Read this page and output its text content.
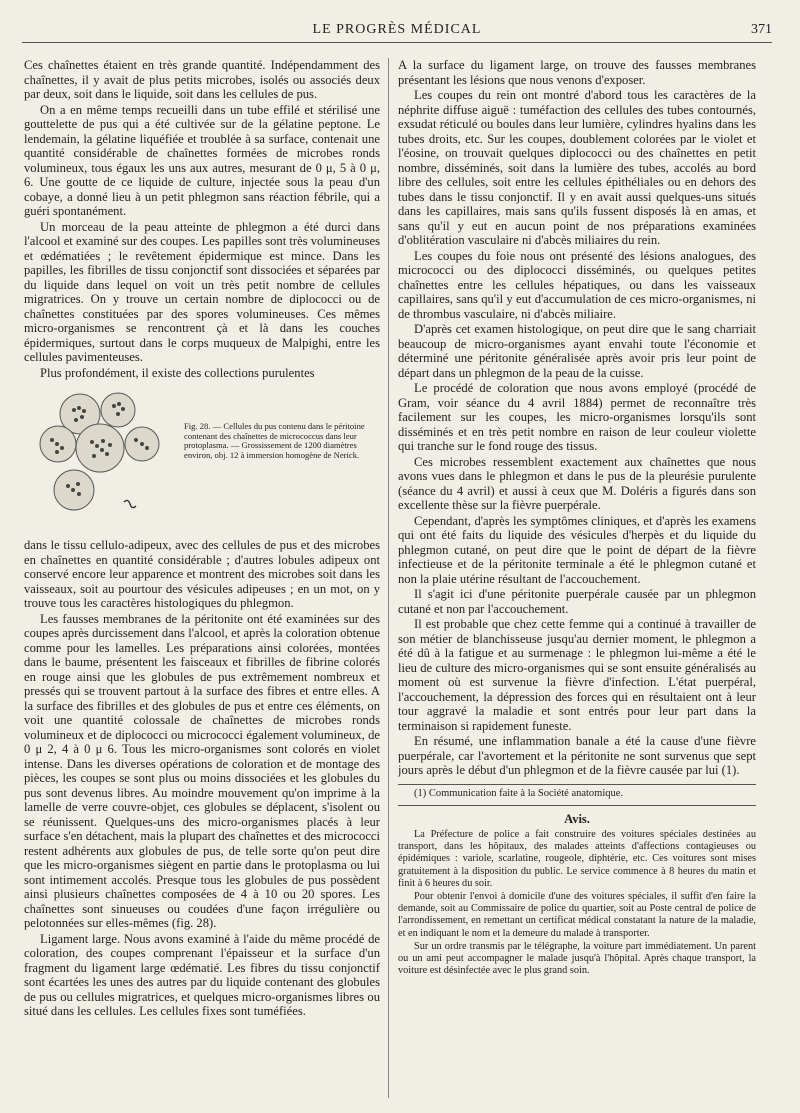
LE PROGRÈS MÉDICAL	371

Ces chaînettes étaient en très grande quantité. Indépendamment des chaînettes, il y avait de plus petits microbes, isolés ou associés deux par deux, soit dans le liquide, soit dans les cellules de pus.

On a en même temps recueilli dans un tube effilé et stérilisé une gouttelette de pus qui a été cultivée sur de la gélatine peptone. Le lendemain, la gélatine liquéfiée et troublée à sa surface, contenait une quantité considérable de chaînettes formées de microbes ronds volumineux, tous égaux les uns aux autres, mesurant de 0 μ, 5 à 0 μ, 6. Une goutte de ce liquide de culture, injectée sous la peau d'un cobaye, a donné lieu à un petit phlegmon sans réaction fébrile, qui a guéri spontanément.

Un morceau de la peau atteinte de phlegmon a été durci dans l'alcool et examiné sur des coupes. Les papilles sont très volumineuses et œdématiées ; le revêtement épidermique est mince. Dans les papilles, les fibrilles de tissu conjonctif sont dissociées et séparées par du liquide dans lequel on voit un très petit nombre de cellules migratrices. On y trouve un certain nombre de diplococci ou de chaînettes constituées par des spores volumineuses. Ces mêmes micro-organismes se rencontrent çà et là dans les couches épidermiques, surtout dans le corps muqueux de Malpighi, entre les cellules pavimenteuses.

Plus profondément, il existe des collections purulentes

Fig. 28. — Cellules du pus contenu dans le péritoine contenant des chaînettes de micrococcus dans leur protoplasma. — Grossissement de 1200 diamètres environ, obj. 12 à immersion homogène de Nerick.

dans le tissu cellulo-adipeux, avec des cellules de pus et des microbes en chaînettes en quantité considérable ; d'autres lobules adipeux ont conservé encore leur apparence et montrent des microbes soit dans les vaisseaux, soit au pourtour des vésicules adipeuses ; en un mot, on y trouve tous les caractères histologiques du phlegmon.

Les fausses membranes de la péritonite ont été examinées sur des coupes après durcissement dans l'alcool, et après la coloration obtenue comme pour les lamelles. Les préparations ainsi colorées, montées dans le baume, présentent les faisceaux et fibrilles de fibrine colorés en rouge ainsi que les globules de pus extrêmement nombreux et pressés qui se trouvent partout à la surface des fibres et entre elles. A la surface des fibrilles et des globules de pus et entre ces éléments, on voit une quantité colossale de chaînettes de microbes ronds volumineux et de diplococci ou micrococci également volumineux, de 0 μ 2, 4 à 0 μ 6. Tous les micro-organismes sont colorés en violet intense. Dans les diverses opérations de coloration et de montage des pièces, les coupes se sont plus ou moins dissociées et les globules du pus sont devenus libres. Au moindre mouvement qu'on imprime à la lamelle de verre couvre-objet, ces globules se déplacent, s'isolent ou se réunissent. Quelques-uns des micro-organismes placés à leur surface s'en détachent, mais la plupart des chaînettes et des micrococci restent adhérents aux globules de pus, de telle sorte qu'on peut dire que les micro-organismes siègent en partie dans le protoplasma ou lui sont intimement accolés. Presque tous les globules de pus possèdent ainsi plusieurs chaînettes composées de 4 à 10 ou 20 spores. Les chaînettes sont sinueuses ou coudées d'une façon irrégulière ou pelotonnées sur elles-mêmes (fig. 28).

Ligament large. Nous avons examiné à l'aide du même procédé de coloration, des coupes comprenant l'épaisseur et la surface d'un fragment du ligament large œdématié. Les fibres du tissu conjonctif sont écartées les unes des autres par du liquide contenant des globules de pus ou cellules migratrices, et quelques micro-organismes libres ou situé dans les cellules. Les cellules fixes sont tuméfiées.

A la surface du ligament large, on trouve des fausses membranes présentant les lésions que nous venons d'exposer.

Les coupes du rein ont montré d'abord tous les caractères de la néphrite diffuse aiguë : tuméfaction des cellules des tubes contournés, exsudat réticulé ou boules dans leur lumière, cylindres hyalins dans les tubes droits, etc. Sur les coupes, doublement colorées par le violet et l'éosine, on trouvait quelques diplococci ou des chaînettes en petit nombre, disséminés, soit dans la lumière des tubes, accolés au bord libre des cellules, soit entre les cellules épithéliales ou en dehors des tubes dans le tissu conjonctif. Il y en avait aussi quelques-uns situés dans les capillaires, mais sans qu'ils fussent disposés là en amas, et sans qu'il y eut en aucun point de nos préparations examinées d'oblitération vasculaire ni d'abcès miliaires du rein.

Les coupes du foie nous ont présenté des lésions analogues, des micrococci ou des diplococci disséminés, ou quelques petites chaînettes entre les cellules hépatiques, ou dans les vaisseaux capillaires, sans qu'il y eut d'accumulation de ces micro-organismes, ni de thrombus vasculaire, ni d'abcès miliaire.

D'après cet examen histologique, on peut dire que le sang charriait beaucoup de micro-organismes ayant envahi toute l'économie et déterminé une péritonite généralisée après avoir pris leur point de départ dans un phlegmon de la peau de la cuisse.

Le procédé de coloration que nous avons employé (procédé de Gram, voir séance du 4 avril 1884) permet de reconnaître très facilement sur les coupes, les micro-organismes lorsqu'ils sont disséminés et en très petit nombre en raison de leur couleur violette qui tranche sur le fond rouge des tissus.

Ces microbes ressemblent exactement aux chaînettes que nous avons vues dans le phlegmon et dans le pus de la pleurésie purulente (séance du 4 avril) et aussi à ceux que M. Doléris a figurés dans son excellente thèse sur la fièvre puerpérale.

Cependant, d'après les symptômes cliniques, et d'après les examens qui ont été faits du liquide des vésicules d'herpès et du liquide du phlegmon cutané, on peut dire que le point de départ de la fièvre infectieuse et de la péritonite terminale a été le phlegmon cutané et non la plaie utérine résultant de l'accouchement.

Il s'agit ici d'une péritonite puerpérale causée par un phlegmon cutané et non par l'accouchement.

Il est probable que chez cette femme qui a continué à travailler de son métier de blanchisseuse jusqu'au dernier moment, le phlegmon a été dû à la fatigue et au surmenage : le phlegmon lui-même a été le lieu de culture des micro-organismes qui se sont ensuite généralisés au moment où est survenue la fièvre d'infection. L'état puerpéral, l'accouchement, la dépression des forces qui en résultaient ont à leur tour aggravé la maladie et sont entrés pour leur part dans la terminaison si rapidement funeste.

En résumé, une inflammation banale a été la cause d'une fièvre puerpérale, car l'avortement et la péritonite ne sont survenus que sept jours après le début d'un phlegmon et de la fièvre causée par lui (1).

(1) Communication faite à la Société anatomique.

Avis.

La Préfecture de police a fait construire des voitures spéciales destinées au transport, dans les hôpitaux, des malades atteints d'affections contagieuses ou épidémiques : variole, scarlatine, rougeole, diphtérie, etc. Ces voitures sont mises gratuitement à la disposition du public. Le service commence à 8 heures du matin et finit à 6 heures du soir.

Pour obtenir l'envoi à domicile d'une des voitures spéciales, il suffit d'en faire la demande, soit au Commissaire de police du quartier, soit au Poste central de police de l'arrondissement, en remettant un certificat médical constatant la nature de la maladie, et en indiquant le nom et la demeure du malade à transporter.

Sur un ordre transmis par le télégraphe, la voiture part immédiatement. Un parent ou un ami peut accompagner le malade jusqu'à l'hôpital. Après chaque transport, la voiture est désinfectée avec le plus grand soin.
